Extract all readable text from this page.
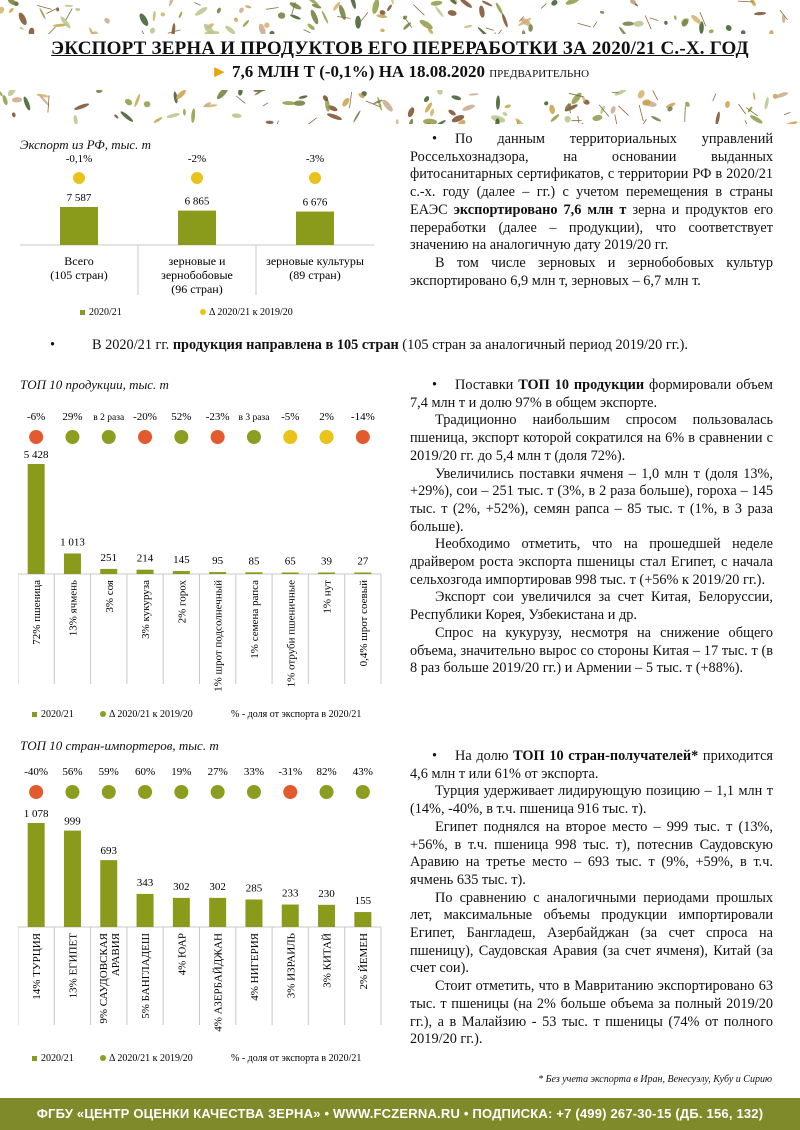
ЭКСПОРТ ЗЕРНА И ПРОДУКТОВ ЕГО ПЕРЕРАБОТКИ ЗА 2020/21 С.-Х. ГОД
► 7,6 МЛН Т (-0,1%) НА 18.08.2020 ПРЕДВАРИТЕЛЬНО
Экспорт из РФ, тыс. т
7 587
-0,1%
Всего
(105 стран)
6 865
-2%
зерновые и
зернобобовые
(96 стран)
6 676
-3%
зерновые культуры
(89 стран)
2020/21	Δ 2020/21 к 2019/20

• По данным территориальных управлений Россельхознадзора, на основании выданных фитосанитарных сертификатов, с территории РФ в 2020/21 с.-х. году (далее – гг.) с учетом перемещения в страны ЕАЭС экспортировано 7,6 млн т зерна и продуктов его переработки (далее – продукции), что соответствует значению на аналогичную дату 2019/20 гг.

В том числе зерновых и зернобобовых культур экспортировано 6,9 млн т, зерновых – 6,7 млн т.

• В 2020/21 гг. продукция направлена в 105 стран (105 стран за аналогичный период 2019/20 гг.).
ТОП 10 продукции, тыс. т
5 428
-6%
72% пшеница
1 013
29%
13% ячмень
251
в 2 раза
3% соя
214
-20%
3% кукуруза
145
52%
2% горох
95
-23%
1% шрот подсолнечный
85
в 3 раза
1% семена рапса
65
-5%
1% отруби пшеничные
39
2%
1% нут
27
-14%
0,4% шрот соевый
2020/21	Δ 2020/21 к 2019/20	% - доля от экспорта в 2020/21

• Поставки ТОП 10 продукции формировали объем 7,4 млн т и долю 97% в общем экспорте.

Традиционно наибольшим спросом пользовалась пшеница, экспорт которой сократился на 6% в сравнении с 2019/20 гг. до 5,4 млн т (доля 72%).

Увеличились поставки ячменя – 1,0 млн т (доля 13%, +29%), сои – 251 тыс. т (3%, в 2 раза больше), гороха – 145 тыс. т (2%, +52%), семян рапса – 85 тыс. т (1%, в 3 раза больше).

Необходимо отметить, что на прошедшей неделе драйвером роста экспорта пшеницы стал Египет, с начала сельхозгода импортировав 998 тыс. т (+56% к 2019/20 гг.).

Экспорт сои увеличился за счет Китая, Белоруссии, Республики Корея, Узбекистана и др.

Спрос на кукурузу, несмотря на снижение общего объема, значительно вырос со стороны Китая – 17 тыс. т (в 8 раз больше 2019/20 гг.) и Армении – 5 тыс. т (+88%).

ТОП 10 стран-импортеров, тыс. т
1 078
-40%
14% ТУРЦИЯ
999
56%
13% ЕГИПЕТ
693
59%
9% САУДОВСКАЯ АРАВИЯ
343
60%
5% БАНГЛАДЕШ
302
19%
4% ЮАР
302
27%
4% АЗЕРБАЙДЖАН
285
33%
4% НИГЕРИЯ
233
-31%
3% ИЗРАИЛЬ
230
82%
3% КИТАЙ
155
43%
2% ЙЕМЕН
2020/21	Δ 2020/21 к 2019/20	% - доля от экспорта в 2020/21

• На долю ТОП 10 стран-получателей* приходится 4,6 млн т или 61% от экспорта.

Турция удерживает лидирующую позицию – 1,1 млн т (14%, -40%, в т.ч. пшеница 916 тыс. т).

Египет поднялся на второе место – 999 тыс. т (13%, +56%, в т.ч. пшеница 998 тыс. т), потеснив Саудовскую Аравию на третье место – 693 тыс. т (9%, +59%, в т.ч. ячмень 635 тыс. т).

По сравнению с аналогичными периодами прошлых лет, максимальные объемы продукции импортировали Египет, Бангладеш, Азербайджан (за счет спроса на пшеницу), Саудовская Аравия (за счет ячменя), Китай (за счет сои).

Стоит отметить, что в Мавританию экспортировано 63 тыс. т пшеницы (на 2% больше объема за полный 2019/20 гг.), а в Малайзию - 53 тыс. т пшеницы (74% от полного 2019/20 гг.).

* Без учета экспорта в Иран, Венесуэлу, Кубу и Сирию
ФГБУ «ЦЕНТР ОЦЕНКИ КАЧЕСТВА ЗЕРНА» • WWW.FCZERNA.RU • ПОДПИСКА: +7 (499) 267-30-15 (ДБ. 156, 132)
